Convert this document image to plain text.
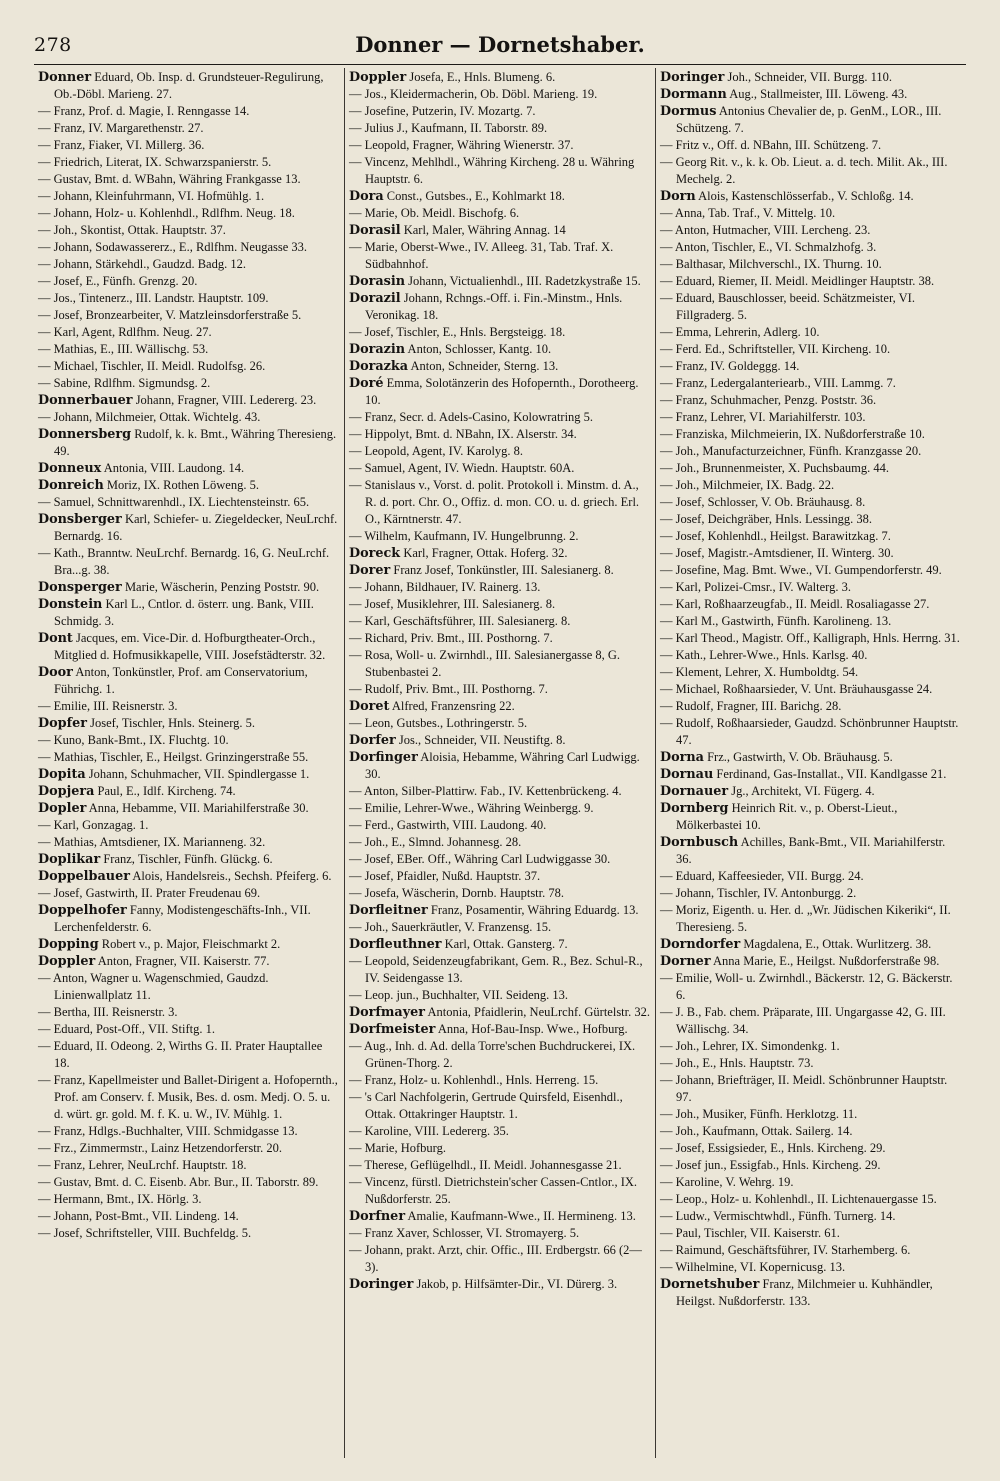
278	Donner — Dornetshaber.

Donner Eduard, Ob. Insp. d. Grundsteuer-Regulirung, Ob.-Döbl. Marieng. 27.

— Franz, Prof. d. Magie, I. Renngasse 14.

— Franz, IV. Margarethenstr. 27.

— Franz, Fiaker, VI. Millerg. 36.

— Friedrich, Literat, IX. Schwarzspanierstr. 5.

— Gustav, Bmt. d. WBahn, Währing Frankgasse 13.

— Johann, Kleinfuhrmann, VI. Hofmühlg. 1.

— Johann, Holz- u. Kohlenhdl., Rdlfhm. Neug. 18.

— Joh., Skontist, Ottak. Hauptstr. 37.

— Johann, Sodawassererz., E., Rdlfhm. Neugasse 33.

— Johann, Stärkehdl., Gaudzd. Badg. 12.

— Josef, E., Fünfh. Grenzg. 20.

— Jos., Tintenerz., III. Landstr. Hauptstr. 109.

— Josef, Bronzearbeiter, V. Matzleinsdorferstraße 5.

— Karl, Agent, Rdlfhm. Neug. 27.

— Mathias, E., III. Wällischg. 53.

— Michael, Tischler, II. Meidl. Rudolfsg. 26.

— Sabine, Rdlfhm. Sigmundsg. 2.

Donnerbauer Johann, Fragner, VIII. Ledererg. 23.

— Johann, Milchmeier, Ottak. Wichtelg. 43.

Donnersberg Rudolf, k. k. Bmt., Währing Theresieng. 49.

Donneux Antonia, VIII. Laudong. 14.

Donreich Moriz, IX. Rothen Löweng. 5.

— Samuel, Schnittwarenhdl., IX. Liechtensteinstr. 65.

Donsberger Karl, Schiefer- u. Ziegeldecker, NeuLrchf. Bernardg. 16.

— Kath., Branntw. NeuLrchf. Bernardg. 16, G. NeuLrchf. Bra...g. 38.

Donsperger Marie, Wäscherin, Penzing Poststr. 90.

Donstein Karl L., Cntlor. d. österr. ung. Bank, VIII. Schmidg. 3.

Dont Jacques, em. Vice-Dir. d. Hofburgtheater-Orch., Mitglied d. Hofmusikkapelle, VIII. Josefstädterstr. 32.

Door Anton, Tonkünstler, Prof. am Conservatorium, Führichg. 1.

— Emilie, III. Reisnerstr. 3.

Dopfer Josef, Tischler, Hnls. Steinerg. 5.

— Kuno, Bank-Bmt., IX. Fluchtg. 10.

— Mathias, Tischler, E., Heilgst. Grinzingerstraße 55.

Dopita Johann, Schuhmacher, VII. Spindlergasse 1.

Dopjera Paul, E., Idlf. Kircheng. 74.

Dopler Anna, Hebamme, VII. Mariahilferstraße 30.

— Karl, Gonzagag. 1.

— Mathias, Amtsdiener, IX. Marianneng. 32.

Doplikar Franz, Tischler, Fünfh. Glückg. 6.

Doppelbauer Alois, Handelsreis., Sechsh. Pfeiferg. 6.

— Josef, Gastwirth, II. Prater Freudenau 69.

Doppelhofer Fanny, Modistengeschäfts-Inh., VII. Lerchenfelderstr. 6.

Dopping Robert v., p. Major, Fleischmarkt 2.

Doppler Anton, Fragner, VII. Kaiserstr. 77.

— Anton, Wagner u. Wagenschmied, Gaudzd. Linienwallplatz 11.

— Bertha, III. Reisnerstr. 3.

— Eduard, Post-Off., VII. Stiftg. 1.

— Eduard, II. Odeong. 2, Wirths G. II. Prater Hauptallee 18.

— Franz, Kapellmeister und Ballet-Dirigent a. Hofopernth., Prof. am Conserv. f. Musik, Bes. d. osm. Medj. O. 5. u. d. würt. gr. gold. M. f. K. u. W., IV. Mühlg. 1.

— Franz, Hdlgs.-Buchhalter, VIII. Schmidgasse 13.

— Frz., Zimmermstr., Lainz Hetzendorferstr. 20.

— Franz, Lehrer, NeuLrchf. Hauptstr. 18.

— Gustav, Bmt. d. C. Eisenb. Abr. Bur., II. Taborstr. 89.

— Hermann, Bmt., IX. Hörlg. 3.

— Johann, Post-Bmt., VII. Lindeng. 14.

— Josef, Schriftsteller, VIII. Buchfeldg. 5.

Doppler Josefa, E., Hnls. Blumeng. 6.

— Jos., Kleidermacherin, Ob. Döbl. Marieng. 19.

— Josefine, Putzerin, IV. Mozartg. 7.

— Julius J., Kaufmann, II. Taborstr. 89.

— Leopold, Fragner, Währing Wienerstr. 37.

— Vincenz, Mehlhdl., Währing Kircheng. 28 u. Währing Hauptstr. 6.

Dora Const., Gutsbes., E., Kohlmarkt 18.

— Marie, Ob. Meidl. Bischofg. 6.

Dorasil Karl, Maler, Währing Annag. 14

— Marie, Oberst-Wwe., IV. Alleeg. 31, Tab. Traf. X. Südbahnhof.

Dorasin Johann, Victualienhdl., III. Radetzkystraße 15.

Dorazil Johann, Rchngs.-Off. i. Fin.-Minstm., Hnls. Veronikag. 18.

— Josef, Tischler, E., Hnls. Bergsteigg. 18.

Dorazin Anton, Schlosser, Kantg. 10.

Dorazka Anton, Schneider, Sterng. 13.

Doré Emma, Solotänzerin des Hofopernth., Dorotheerg. 10.

— Franz, Secr. d. Adels-Casino, Kolowratring 5.

— Hippolyt, Bmt. d. NBahn, IX. Alserstr. 34.

— Leopold, Agent, IV. Karolyg. 8.

— Samuel, Agent, IV. Wiedn. Hauptstr. 60A.

— Stanislaus v., Vorst. d. polit. Protokoll i. Minstm. d. A., R. d. port. Chr. O., Offiz. d. mon. CO. u. d. griech. Erl. O., Kärntnerstr. 47.

— Wilhelm, Kaufmann, IV. Hungelbrunng. 2.

Doreck Karl, Fragner, Ottak. Hoferg. 32.

Dorer Franz Josef, Tonkünstler, III. Salesianerg. 8.

— Johann, Bildhauer, IV. Rainerg. 13.

— Josef, Musiklehrer, III. Salesianerg. 8.

— Karl, Geschäftsführer, III. Salesianerg. 8.

— Richard, Priv. Bmt., III. Posthorng. 7.

— Rosa, Woll- u. Zwirnhdl., III. Salesianergasse 8, G. Stubenbastei 2.

— Rudolf, Priv. Bmt., III. Posthorng. 7.

Doret Alfred, Franzensring 22.

— Leon, Gutsbes., Lothringerstr. 5.

Dorfer Jos., Schneider, VII. Neustiftg. 8.

Dorfinger Aloisia, Hebamme, Währing Carl Ludwigg. 30.

— Anton, Silber-Plattirw. Fab., IV. Kettenbrückeng. 4.

— Emilie, Lehrer-Wwe., Währing Weinbergg. 9.

— Ferd., Gastwirth, VIII. Laudong. 40.

— Joh., E., Slmnd. Johannesg. 28.

— Josef, EBer. Off., Währing Carl Ludwiggasse 30.

— Josef, Pfaidler, Nußd. Hauptstr. 37.

— Josefa, Wäscherin, Dornb. Hauptstr. 78.

Dorfleitner Franz, Posamentir, Währing Eduardg. 13.

— Joh., Sauerkräutler, V. Franzensg. 15.

Dorfleuthner Karl, Ottak. Gansterg. 7.

— Leopold, Seidenzeugfabrikant, Gem. R., Bez. Schul-R., IV. Seidengasse 13.

— Leop. jun., Buchhalter, VII. Seideng. 13.

Dorfmayer Antonia, Pfaidlerin, NeuLrchf. Gürtelstr. 32.

Dorfmeister Anna, Hof-Bau-Insp. Wwe., Hofburg.

— Aug., Inh. d. Ad. della Torre'schen Buchdruckerei, IX. Grünen-Thorg. 2.

— Franz, Holz- u. Kohlenhdl., Hnls. Herreng. 15.

— 's Carl Nachfolgerin, Gertrude Quirsfeld, Eisenhdl., Ottak. Ottakringer Hauptstr. 1.

— Karoline, VIII. Ledererg. 35.

— Marie, Hofburg.

— Therese, Geflügelhdl., II. Meidl. Johannesgasse 21.

— Vincenz, fürstl. Dietrichstein'scher Cassen-Cntlor., IX. Nußdorferstr. 25.

Dorfner Amalie, Kaufmann-Wwe., II. Hermineng. 13.

— Franz Xaver, Schlosser, VI. Stromayerg. 5.

— Johann, prakt. Arzt, chir. Offic., III. Erdbergstr. 66 (2—3).

Doringer Jakob, p. Hilfsämter-Dir., VI. Dürerg. 3.

Doringer Joh., Schneider, VII. Burgg. 110.

Dormann Aug., Stallmeister, III. Löweng. 43.

Dormus Antonius Chevalier de, p. GenM., LOR., III. Schützeng. 7.

— Fritz v., Off. d. NBahn, III. Schützeng. 7.

— Georg Rit. v., k. k. Ob. Lieut. a. d. tech. Milit. Ak., III. Mechelg. 2.

Dorn Alois, Kastenschlösserfab., V. Schloßg. 14.

— Anna, Tab. Traf., V. Mittelg. 10.

— Anton, Hutmacher, VIII. Lercheng. 23.

— Anton, Tischler, E., VI. Schmalzhofg. 3.

— Balthasar, Milchverschl., IX. Thurng. 10.

— Eduard, Riemer, II. Meidl. Meidlinger Hauptstr. 38.

— Eduard, Bauschlosser, beeid. Schätzmeister, VI. Fillgraderg. 5.

— Emma, Lehrerin, Adlerg. 10.

— Ferd. Ed., Schriftsteller, VII. Kircheng. 10.

— Franz, IV. Goldeggg. 14.

— Franz, Ledergalanteriearb., VIII. Lammg. 7.

— Franz, Schuhmacher, Penzg. Poststr. 36.

— Franz, Lehrer, VI. Mariahilferstr. 103.

— Franziska, Milchmeierin, IX. Nußdorferstraße 10.

— Joh., Manufacturzeichner, Fünfh. Kranzgasse 20.

— Joh., Brunnenmeister, X. Puchsbaumg. 44.

— Joh., Milchmeier, IX. Badg. 22.

— Josef, Schlosser, V. Ob. Bräuhausg. 8.

— Josef, Deichgräber, Hnls. Lessingg. 38.

— Josef, Kohlenhdl., Heilgst. Barawitzkag. 7.

— Josef, Magistr.-Amtsdiener, II. Winterg. 30.

— Josefine, Mag. Bmt. Wwe., VI. Gumpendorferstr. 49.

— Karl, Polizei-Cmsr., IV. Walterg. 3.

— Karl, Roßhaarzeugfab., II. Meidl. Rosaliagasse 27.

— Karl M., Gastwirth, Fünfh. Karolineng. 13.

— Karl Theod., Magistr. Off., Kalligraph, Hnls. Herrng. 31.

— Kath., Lehrer-Wwe., Hnls. Karlsg. 40.

— Klement, Lehrer, X. Humboldtg. 54.

— Michael, Roßhaarsieder, V. Unt. Bräuhausgasse 24.

— Rudolf, Fragner, III. Barichg. 28.

— Rudolf, Roßhaarsieder, Gaudzd. Schönbrunner Hauptstr. 47.

Dorna Frz., Gastwirth, V. Ob. Bräuhausg. 5.

Dornau Ferdinand, Gas-Installat., VII. Kandlgasse 21.

Dornauer Jg., Architekt, VI. Fügerg. 4.

Dornberg Heinrich Rit. v., p. Oberst-Lieut., Mölkerbastei 10.

Dornbusch Achilles, Bank-Bmt., VII. Mariahilferstr. 36.

— Eduard, Kaffeesieder, VII. Burgg. 24.

— Johann, Tischler, IV. Antonburgg. 2.

— Moriz, Eigenth. u. Her. d. „Wr. Jüdischen Kikeriki“, II. Theresieng. 5.

Dorndorfer Magdalena, E., Ottak. Wurlitzerg. 38.

Dorner Anna Marie, E., Heilgst. Nußdorferstraße 98.

— Emilie, Woll- u. Zwirnhdl., Bäckerstr. 12, G. Bäckerstr. 6.

— J. B., Fab. chem. Präparate, III. Ungargasse 42, G. III. Wällischg. 34.

— Joh., Lehrer, IX. Simondenkg. 1.

— Joh., E., Hnls. Hauptstr. 73.

— Johann, Briefträger, II. Meidl. Schönbrunner Hauptstr. 97.

— Joh., Musiker, Fünfh. Herklotzg. 11.

— Joh., Kaufmann, Ottak. Sailerg. 14.

— Josef, Essigsieder, E., Hnls. Kircheng. 29.

— Josef jun., Essigfab., Hnls. Kircheng. 29.

— Karoline, V. Wehrg. 19.

— Leop., Holz- u. Kohlenhdl., II. Lichtenauergasse 15.

— Ludw., Vermischtwhdl., Fünfh. Turnerg. 14.

— Paul, Tischler, VII. Kaiserstr. 61.

— Raimund, Geschäftsführer, IV. Starhemberg. 6.

— Wilhelmine, VI. Kopernicusg. 13.

Dornetshuber Franz, Milchmeier u. Kuhhändler, Heilgst. Nußdorferstr. 133.
